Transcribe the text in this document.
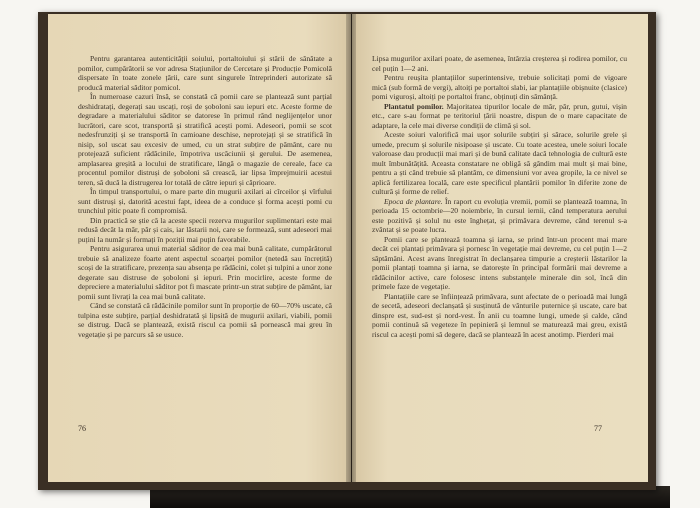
Pentru garantarea autenticității soiului, portaltoiului și stării de sănătate a pomilor, cumpărătorii se vor adresa Stațiunilor de Cercetare și Producție Pomicolă dispersate în toate zonele țării, care sunt singurele întreprinderi autorizate să producă material săditor pomicol.

În numeroase cazuri însă, se constată că pomii care se plantează sunt parțial deshidratați, degerați sau uscați, roși de șoboloni sau iepuri etc. Aceste forme de degradare a materialului săditor se datorese în primul rând neglijențelor unor lucrători, care scot, transportă și stratifică acești pomi. Adeseori, pomii se scot nedesfrunziți și se transportă în camioane deschise, neprotejați și se stratifică în nisip, sol uscat sau excesiv de umed, cu un strat subțire de pământ, care nu protejează suficient rădăcinile, împotriva uscăciunii și gerului. De asemenea, amplasarea greșită a locului de stratificare, lângă o magazie de cereale, face ca procentul pomilor distruși de șoboloni să crească, iar lipsa împrejmuirii acestui teren, să ducă la distrugerea lor totală de către iepuri și căprioare.

În timpul transportului, o mare parte din mugurii axilari ai cîrceilor și vîrfului sunt distruși și, datorită acestui fapt, ideea de a conduce și forma acești pomi cu trunchiul pitic poate fi compromisă.

Din practică se știe că la aceste specii rezerva mugurilor suplimentari este mai redusă decât la măr, păr și cais, iar lăstarii noi, care se formează, sunt adeseori mai puțini la număr și formați în poziții mai puțin favorabile.

Pentru asigurarea unui material săditor de cea mai bună calitate, cumpărătorul trebuie să analizeze foarte atent aspectul scoarței pomilor (netedă sau încrețită) scoși de la stratificare, prezența sau absența pe rădăcini, colet și tulpini a unor zone degerate sau distruse de șoboloni și iepuri. Prin mocirlire, aceste forme de depreciere a materialului săditor pot fi mascate printr-un strat subțire de pământ, iar pomii sunt livrați la cea mai bună calitate.

Când se constată că rădăcinile pomilor sunt în proporție de 60—70% uscate, că tulpina este subțire, parțial deshidratată și lipsită de mugurii axilari, viabili, pomii se distrug. Dacă se plantează, există riscul ca pomii să pornească mai greu în vegetație și pe parcurs să se usuce.

76

Lipsa mugurilor axilari poate, de asemenea, întârzia creșterea și rodirea pomilor, cu cel puțin 1—2 ani.

Pentru reușita plantațiilor superintensive, trebuie solicitați pomi de vigoare mică (sub formă de vergi), altoiți pe portaltoi slabi, iar plantațiile obișnuite (clasice) pomi viguroși, altoiți pe portaltoi franc, obținuți din sămânță.

Plantatul pomilor. Majoritatea tipurilor locale de măr, păr, prun, gutui, vișin etc., care s-au format pe teritoriul țării noastre, dispun de o mare capacitate de adaptare, la cele mai diverse condiții de climă și sol.

Aceste soiuri valorifică mai ușor solurile subțiri și sărace, solurile grele și umede, precum și solurile nisipoase și uscate. Cu toate acestea, unele soiuri locale valoroase dau producții mai mari și de bună calitate dacă tehnologia de cultură este mult îmbunătățită. Aceasta constatare ne obligă să gândim mai mult și mai bine, pentru a ști când trebuie să plantăm, ce dimensiuni vor avea gropile, la ce nivel se aplică fertilizarea locală, care este specificul plantării pomilor în diferite zone de cultură și forme de relief.

Epoca de plantare. În raport cu evoluția vremii, pomii se plantează toamna, în perioada 15 octombrie—20 noiembrie, în cursul iernii, când temperatura aerului este pozitivă și solul nu este înghețat, și primăvara devreme, când terenul s-a zvântat și se poate lucra.

Pomii care se plantează toamna și iarna, se prind într-un procent mai mare decât cei plantați primăvara și pornesc în vegetație mai devreme, cu cel puțin 1—2 săptămâni. Acest avans înregistrat în declanșarea timpurie a creșterii lăstarilor la pomii plantați toamna și iarna, se datorește în principal formării mai devreme a rădăcinilor active, care folosesc intens substanțele minerale din sol, încă din primele faze de vegetație.

Plantațiile care se înființează primăvara, sunt afectate de o perioadă mai lungă de secetă, adeseori declanșată și susținută de vânturile puternice și uscate, care bat dinspre est, sud-est și nord-vest. În anii cu toamne lungi, umede și calde, când pomii continuă să vegeteze în pepinieră și lemnul se maturează mai greu, există riscul ca acești pomi să degere, dacă se plantează în acest anotimp. Pierderi mai

77
